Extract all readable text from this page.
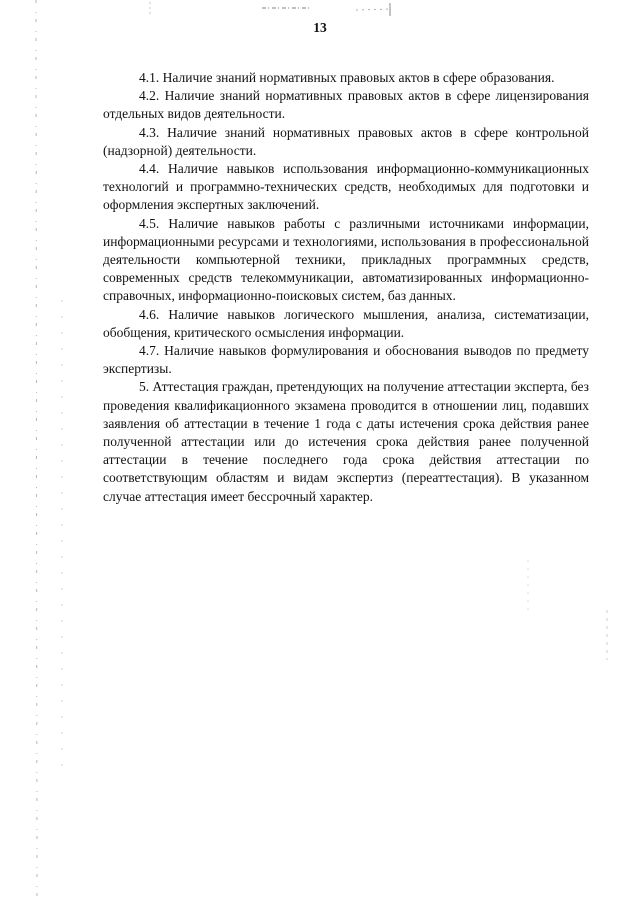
13

4.1. Наличие знаний нормативных правовых актов в сфере образования.

4.2. Наличие знаний нормативных правовых актов в сфере лицензирования отдельных видов деятельности.

4.3. Наличие знаний нормативных правовых актов в сфере контрольной (надзорной) деятельности.

4.4. Наличие навыков использования информационно-коммуникационных технологий и программно-технических средств, необходимых для подготовки и оформления экспертных заключений.

4.5. Наличие навыков работы с различными источниками информации, информационными ресурсами и технологиями, использования в профессиональной деятельности компьютерной техники, прикладных программных средств, современных средств телекоммуникации, автоматизированных информационно-справочных, информационно-поисковых систем, баз данных.

4.6. Наличие навыков логического мышления, анализа, систематизации, обобщения, критического осмысления информации.

4.7. Наличие навыков формулирования и обоснования выводов по предмету экспертизы.

5. Аттестация граждан, претендующих на получение аттестации эксперта, без проведения квалификационного экзамена проводится в отношении лиц, подавших заявления об аттестации в течение 1 года с даты истечения срока действия ранее полученной аттестации или до истечения срока действия ранее полученной аттестации в течение последнего года срока действия аттестации по соответствующим областям и видам экспертиз (переаттестация). В указанном случае аттестация имеет бессрочный характер.
